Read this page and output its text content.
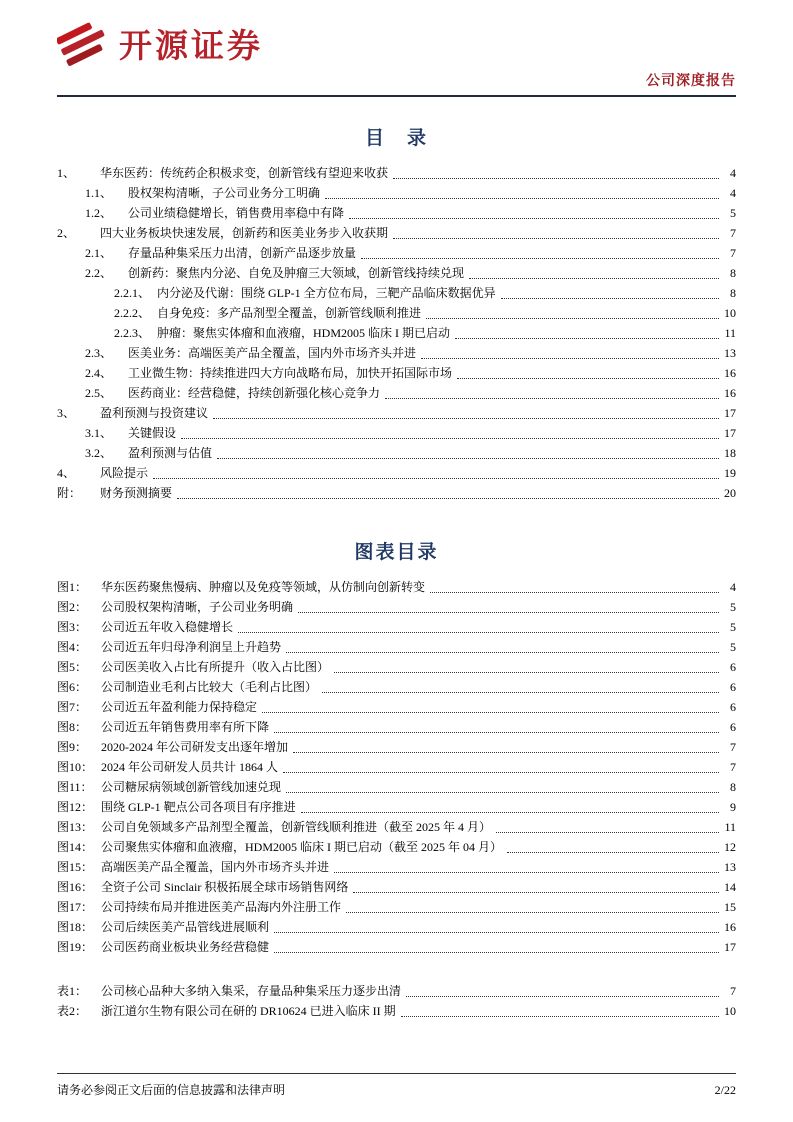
开源证券
公司深度报告
目　录
1、	华东医药：传统药企积极求变，创新管线有望迎来收获	4
1.1、	股权架构清晰，子公司业务分工明确	4
1.2、	公司业绩稳健增长，销售费用率稳中有降	5
2、	四大业务板块快速发展，创新药和医美业务步入收获期	7
2.1、	存量品种集采压力出清，创新产品逐步放量	7
2.2、	创新药：聚焦内分泌、自免及肿瘤三大领域，创新管线持续兑现	8
2.2.1、 内分泌及代谢：围绕 GLP-1 全方位布局，三靶产品临床数据优异	8
2.2.2、 自身免疫：多产品剂型全覆盖，创新管线顺利推进	10
2.2.3、 肿瘤：聚焦实体瘤和血液瘤，HDM2005 临床 I 期已启动	11
2.3、	医美业务：高端医美产品全覆盖，国内外市场齐头并进	13
2.4、	工业微生物：持续推进四大方向战略布局，加快开拓国际市场	16
2.5、	医药商业：经营稳健，持续创新强化核心竞争力	16
3、	盈利预测与投资建议	17
3.1、	关键假设	17
3.2、	盈利预测与估值	18
4、	风险提示	19
附：	财务预测摘要	20
图表目录
图1：	华东医药聚焦慢病、肿瘤以及免疫等领域，从仿制向创新转变	4
图2：	公司股权架构清晰，子公司业务明确	5
图3：	公司近五年收入稳健增长	5
图4：	公司近五年归母净利润呈上升趋势	5
图5：	公司医美收入占比有所提升（收入占比图）	6
图6：	公司制造业毛利占比较大（毛利占比图）	6
图7：	公司近五年盈利能力保持稳定	6
图8：	公司近五年销售费用率有所下降	6
图9：	2020-2024 年公司研发支出逐年增加	7
图10： 2024 年公司研发人员共计 1864 人	7
图11： 公司糖尿病领域创新管线加速兑现	8
图12： 围绕 GLP-1 靶点公司各项目有序推进	9
图13： 公司自免领域多产品剂型全覆盖，创新管线顺利推进（截至 2025 年 4 月）	11
图14： 公司聚焦实体瘤和血液瘤，HDM2005 临床 I 期已启动（截至 2025 年 04 月）	12
图15： 高端医美产品全覆盖，国内外市场齐头并进	13
图16： 全资子公司 Sinclair 积极拓展全球市场销售网络	14
图17： 公司持续布局并推进医美产品海内外注册工作	15
图18： 公司后续医美产品管线进展顺利	16
图19： 公司医药商业板块业务经营稳健	17
表1：	公司核心品种大多纳入集采，存量品种集采压力逐步出清	7
表2：	浙江道尔生物有限公司在研的 DR10624 已进入临床 II 期	10
请务必参阅正文后面的信息披露和法律声明	2/22
